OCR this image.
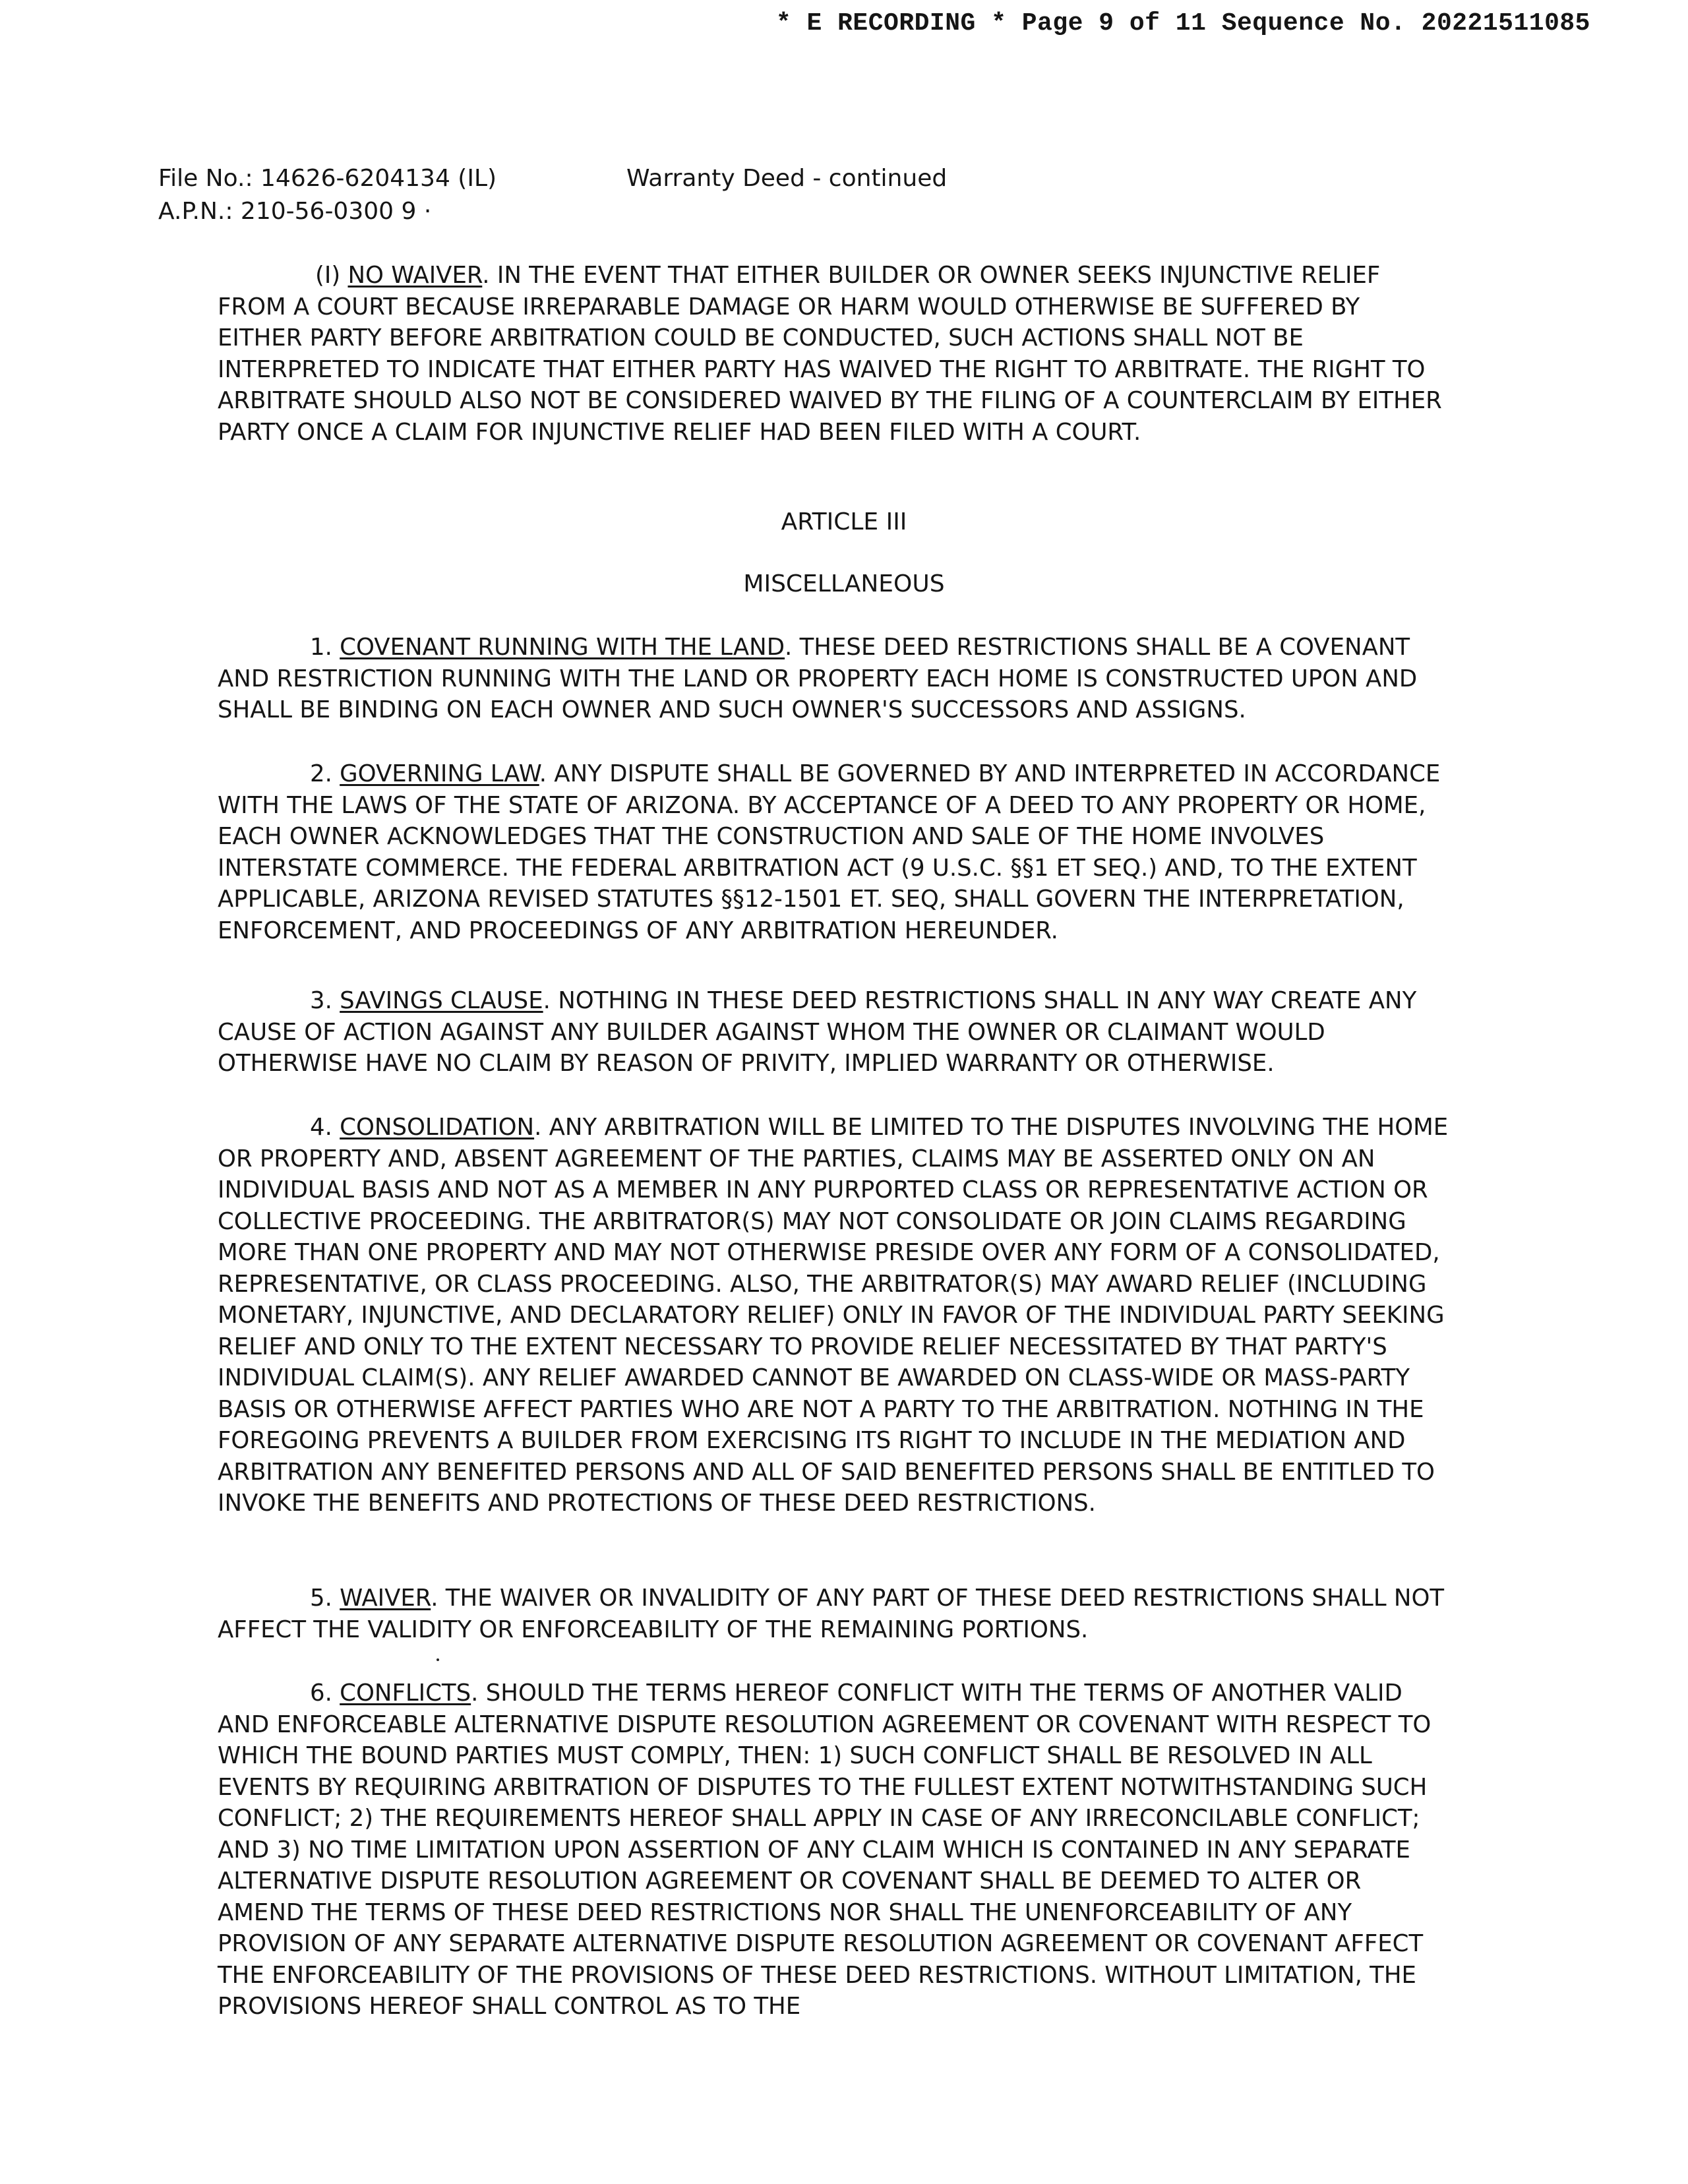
* E RECORDING * Page 9 of 11 Sequence No. 20221511085
File No.: 14626-6204134 (IL)
A.P.N.: 210-56-0300 9 ·
Warranty Deed - continued

(I) NO WAIVER. IN THE EVENT THAT EITHER BUILDER OR OWNER SEEKS INJUNCTIVE RELIEF FROM A COURT BECAUSE IRREPARABLE DAMAGE OR HARM WOULD OTHERWISE BE SUFFERED BY EITHER PARTY BEFORE ARBITRATION COULD BE CONDUCTED, SUCH ACTIONS SHALL NOT BE INTERPRETED TO INDICATE THAT EITHER PARTY HAS WAIVED THE RIGHT TO ARBITRATE. THE RIGHT TO ARBITRATE SHOULD ALSO NOT BE CONSIDERED WAIVED BY THE FILING OF A COUNTERCLAIM BY EITHER PARTY ONCE A CLAIM FOR INJUNCTIVE RELIEF HAD BEEN FILED WITH A COURT.

ARTICLE III
MISCELLANEOUS

1. COVENANT RUNNING WITH THE LAND. THESE DEED RESTRICTIONS SHALL BE A COVENANT AND RESTRICTION RUNNING WITH THE LAND OR PROPERTY EACH HOME IS CONSTRUCTED UPON AND SHALL BE BINDING ON EACH OWNER AND SUCH OWNER'S SUCCESSORS AND ASSIGNS.

2. GOVERNING LAW. ANY DISPUTE SHALL BE GOVERNED BY AND INTERPRETED IN ACCORDANCE WITH THE LAWS OF THE STATE OF ARIZONA. BY ACCEPTANCE OF A DEED TO ANY PROPERTY OR HOME, EACH OWNER ACKNOWLEDGES THAT THE CONSTRUCTION AND SALE OF THE HOME INVOLVES INTERSTATE COMMERCE. THE FEDERAL ARBITRATION ACT (9 U.S.C. §§1 ET SEQ.) AND, TO THE EXTENT APPLICABLE, ARIZONA REVISED STATUTES §§12-1501 ET. SEQ, SHALL GOVERN THE INTERPRETATION, ENFORCEMENT, AND PROCEEDINGS OF ANY ARBITRATION HEREUNDER.

3. SAVINGS CLAUSE. NOTHING IN THESE DEED RESTRICTIONS SHALL IN ANY WAY CREATE ANY CAUSE OF ACTION AGAINST ANY BUILDER AGAINST WHOM THE OWNER OR CLAIMANT WOULD OTHERWISE HAVE NO CLAIM BY REASON OF PRIVITY, IMPLIED WARRANTY OR OTHERWISE.

4. CONSOLIDATION. ANY ARBITRATION WILL BE LIMITED TO THE DISPUTES INVOLVING THE HOME OR PROPERTY AND, ABSENT AGREEMENT OF THE PARTIES, CLAIMS MAY BE ASSERTED ONLY ON AN INDIVIDUAL BASIS AND NOT AS A MEMBER IN ANY PURPORTED CLASS OR REPRESENTATIVE ACTION OR COLLECTIVE PROCEEDING. THE ARBITRATOR(S) MAY NOT CONSOLIDATE OR JOIN CLAIMS REGARDING MORE THAN ONE PROPERTY AND MAY NOT OTHERWISE PRESIDE OVER ANY FORM OF A CONSOLIDATED, REPRESENTATIVE, OR CLASS PROCEEDING. ALSO, THE ARBITRATOR(S) MAY AWARD RELIEF (INCLUDING MONETARY, INJUNCTIVE, AND DECLARATORY RELIEF) ONLY IN FAVOR OF THE INDIVIDUAL PARTY SEEKING RELIEF AND ONLY TO THE EXTENT NECESSARY TO PROVIDE RELIEF NECESSITATED BY THAT PARTY'S INDIVIDUAL CLAIM(S). ANY RELIEF AWARDED CANNOT BE AWARDED ON CLASS-WIDE OR MASS-PARTY BASIS OR OTHERWISE AFFECT PARTIES WHO ARE NOT A PARTY TO THE ARBITRATION. NOTHING IN THE FOREGOING PREVENTS A BUILDER FROM EXERCISING ITS RIGHT TO INCLUDE IN THE MEDIATION AND ARBITRATION ANY BENEFITED PERSONS AND ALL OF SAID BENEFITED PERSONS SHALL BE ENTITLED TO INVOKE THE BENEFITS AND PROTECTIONS OF THESE DEED RESTRICTIONS.

5. WAIVER. THE WAIVER OR INVALIDITY OF ANY PART OF THESE DEED RESTRICTIONS SHALL NOT AFFECT THE VALIDITY OR ENFORCEABILITY OF THE REMAINING PORTIONS.

6. CONFLICTS. SHOULD THE TERMS HEREOF CONFLICT WITH THE TERMS OF ANOTHER VALID AND ENFORCEABLE ALTERNATIVE DISPUTE RESOLUTION AGREEMENT OR COVENANT WITH RESPECT TO WHICH THE BOUND PARTIES MUST COMPLY, THEN: 1) SUCH CONFLICT SHALL BE RESOLVED IN ALL EVENTS BY REQUIRING ARBITRATION OF DISPUTES TO THE FULLEST EXTENT NOTWITHSTANDING SUCH CONFLICT; 2) THE REQUIREMENTS HEREOF SHALL APPLY IN CASE OF ANY IRRECONCILABLE CONFLICT; AND 3) NO TIME LIMITATION UPON ASSERTION OF ANY CLAIM WHICH IS CONTAINED IN ANY SEPARATE ALTERNATIVE DISPUTE RESOLUTION AGREEMENT OR COVENANT SHALL BE DEEMED TO ALTER OR AMEND THE TERMS OF THESE DEED RESTRICTIONS NOR SHALL THE UNENFORCEABILITY OF ANY PROVISION OF ANY SEPARATE ALTERNATIVE DISPUTE RESOLUTION AGREEMENT OR COVENANT AFFECT THE ENFORCEABILITY OF THE PROVISIONS OF THESE DEED RESTRICTIONS. WITHOUT LIMITATION, THE PROVISIONS HEREOF SHALL CONTROL AS TO THE
